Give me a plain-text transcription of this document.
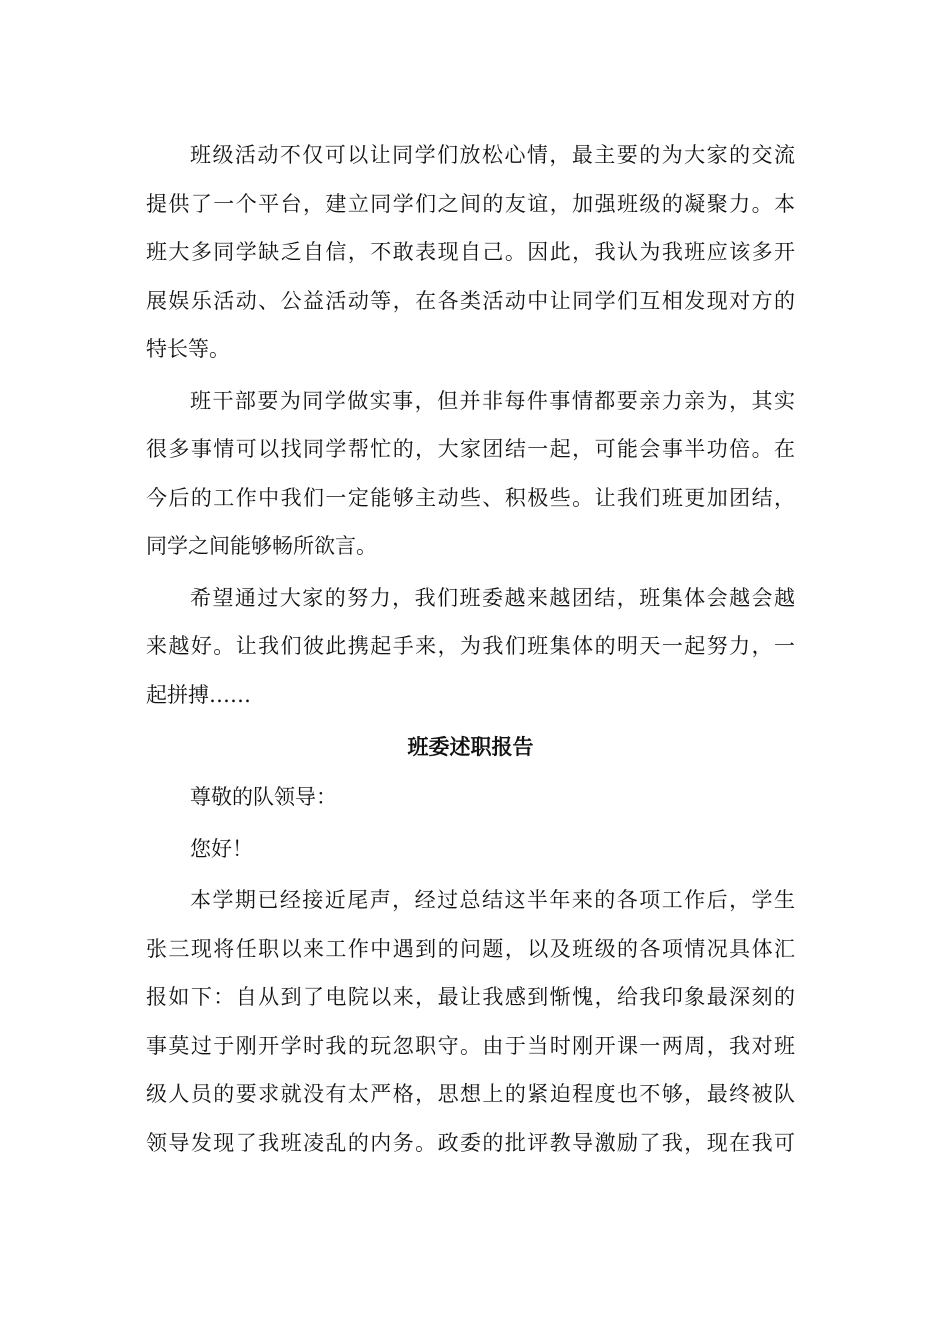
班级活动不仅可以让同学们放松心情，最主要的为大家的交流
提供了一个平台，建立同学们之间的友谊，加强班级的凝聚力。本
班大多同学缺乏自信，不敢表现自己。因此，我认为我班应该多开
展娱乐活动、公益活动等，在各类活动中让同学们互相发现对方的
特长等。
班干部要为同学做实事，但并非每件事情都要亲力亲为，其实
很多事情可以找同学帮忙的，大家团结一起，可能会事半功倍。在
今后的工作中我们一定能够主动些、积极些。让我们班更加团结，
同学之间能够畅所欲言。
希望通过大家的努力，我们班委越来越团结，班集体会越会越
来越好。让我们彼此携起手来，为我们班集体的明天一起努力，一
起拼搏……
班委述职报告
尊敬的队领导：
您好！
本学期已经接近尾声，经过总结这半年来的各项工作后，学生
张三现将任职以来工作中遇到的问题，以及班级的各项情况具体汇
报如下：自从到了电院以来，最让我感到惭愧，给我印象最深刻的
事莫过于刚开学时我的玩忽职守。由于当时刚开课一两周，我对班
级人员的要求就没有太严格，思想上的紧迫程度也不够，最终被队
领导发现了我班凌乱的内务。政委的批评教导激励了我，现在我可
